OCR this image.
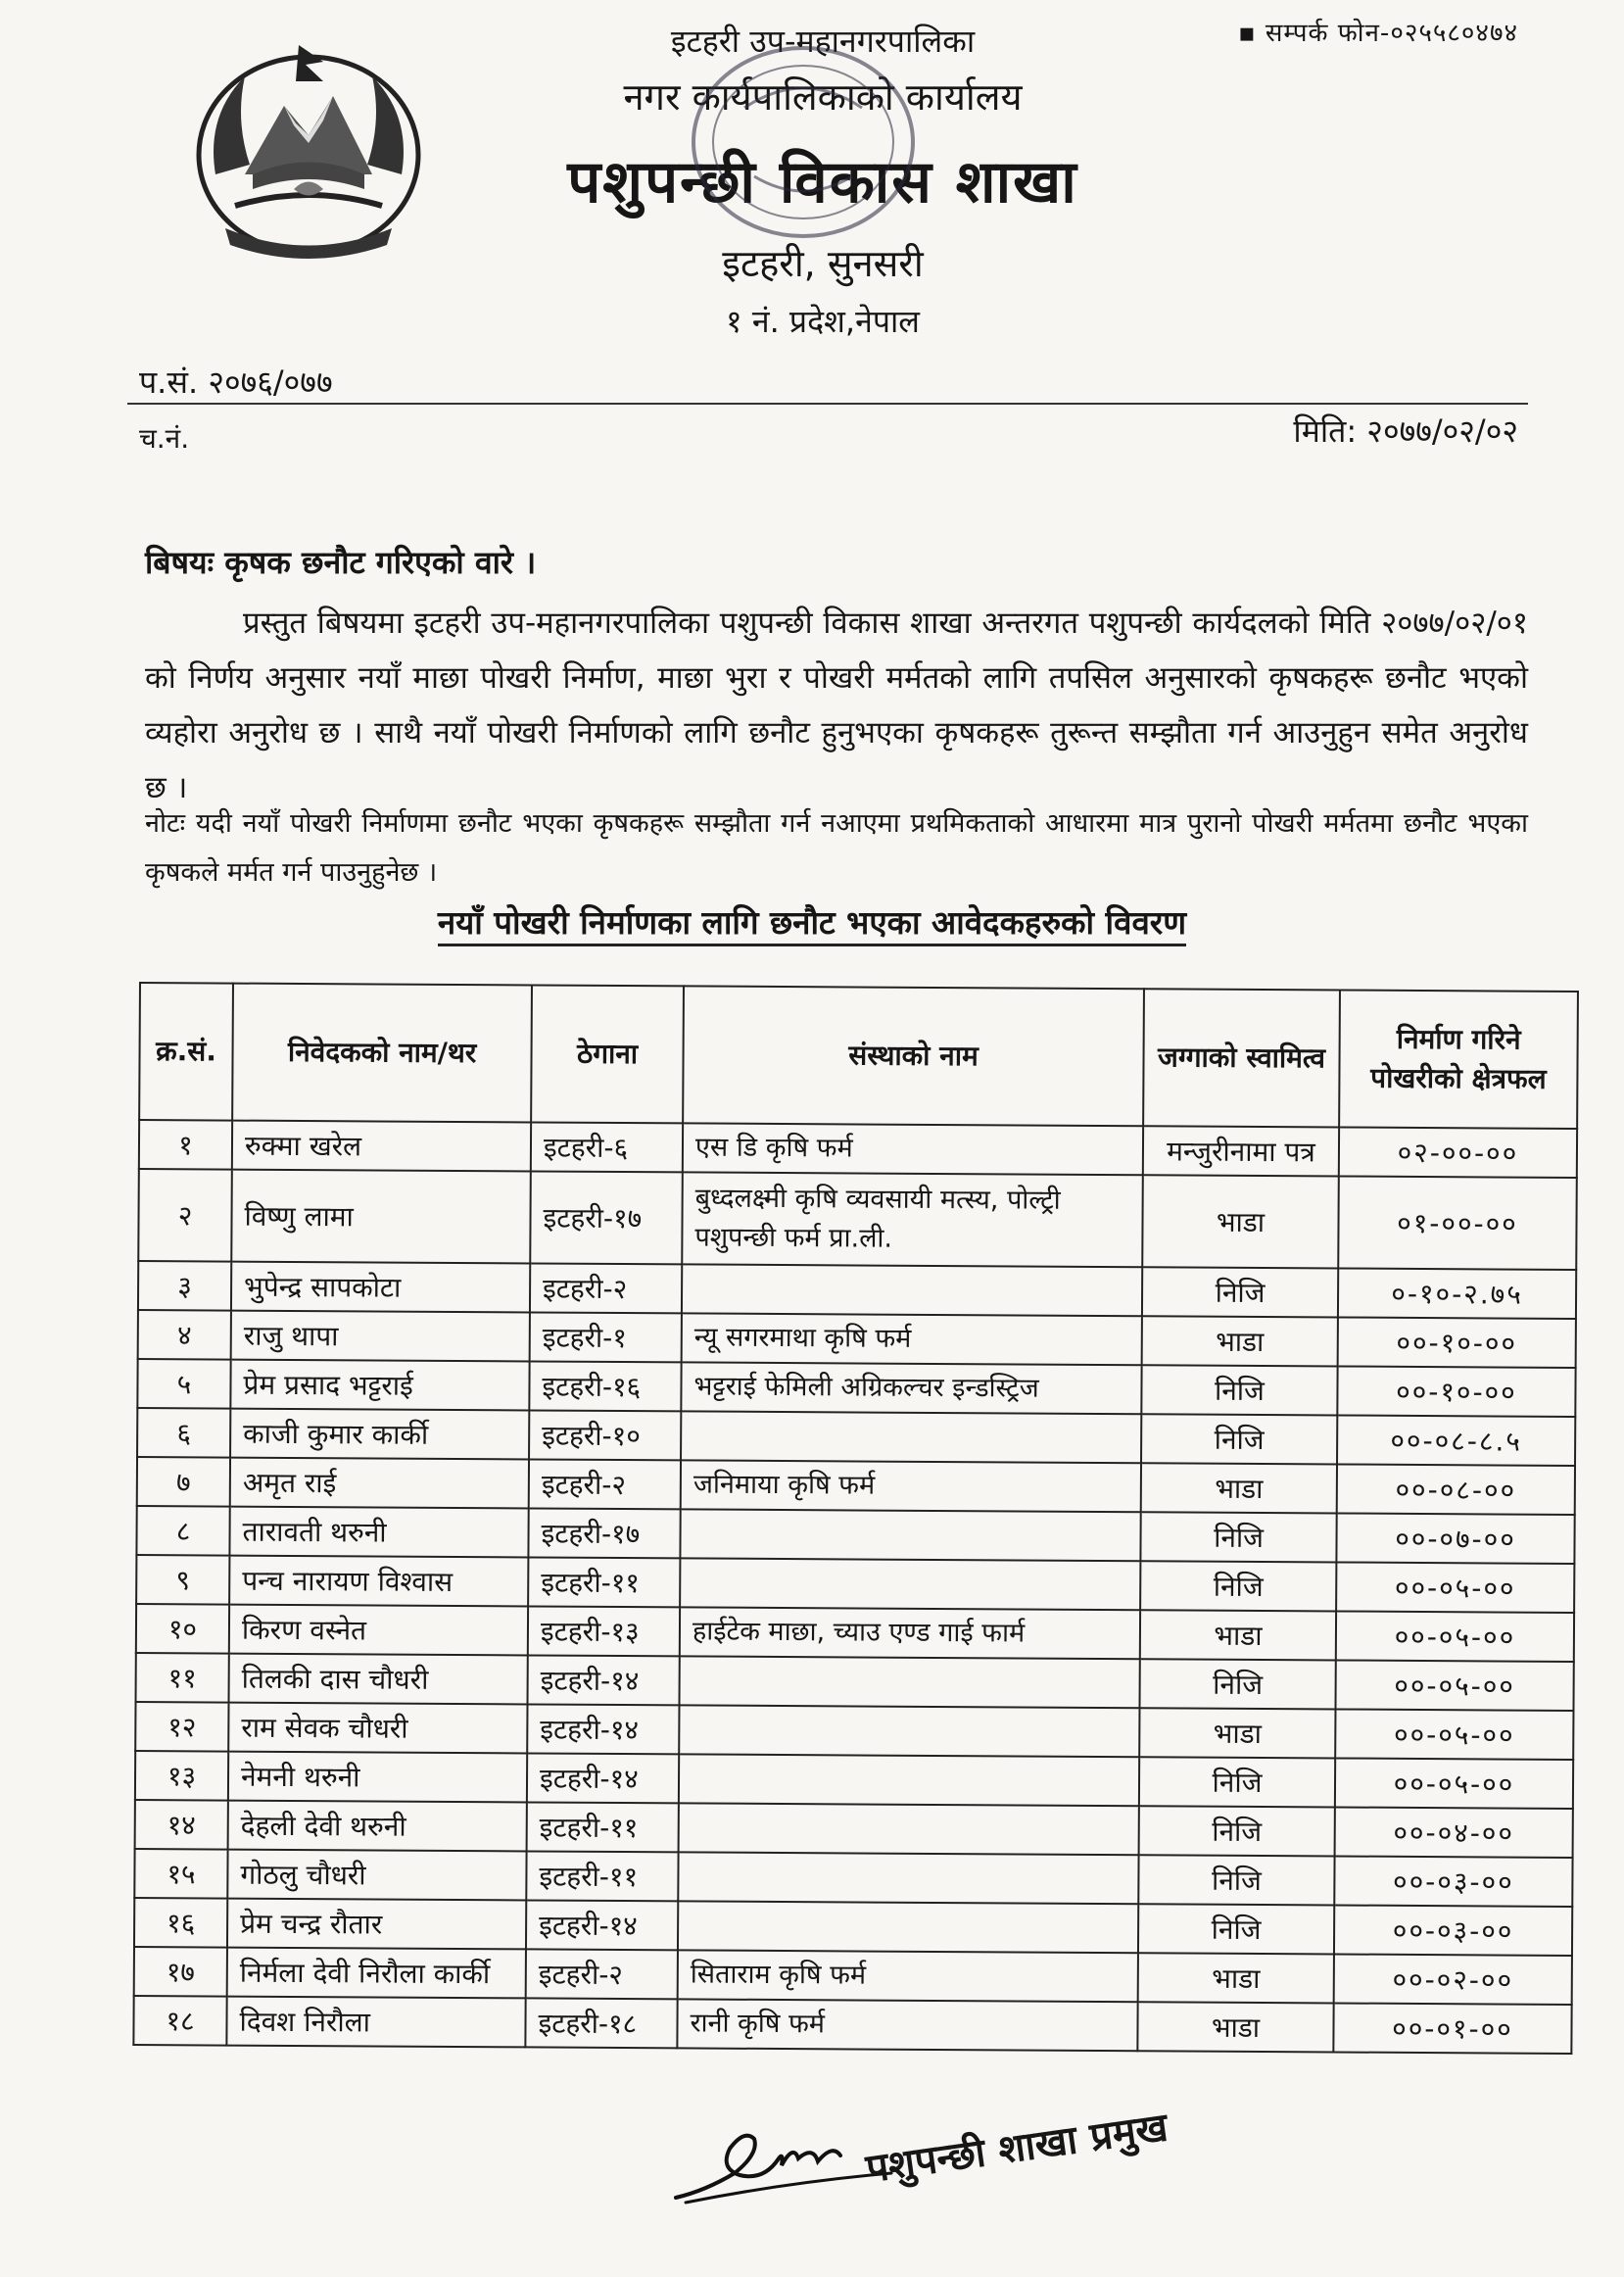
▪ सम्पर्क फोन-०२५५८०४७४
इटहरी उप-महानगरपालिका
नगर कार्यपालिकाको कार्यालय
पशुपन्छी विकास शाखा
इटहरी, सुनसरी
१ नं. प्रदेश,नेपाल
प.सं. २०७६/०७७
च.नं.	मिति: २०७७/०२/०२
बिषयः कृषक छनौट गरिएको वारे ।
प्रस्तुत बिषयमा इटहरी उप-महानगरपालिका पशुपन्छी विकास शाखा अन्तरगत पशुपन्छी कार्यदलको मिति २०७७/०२/०१ को निर्णय अनुसार नयाँ माछा पोखरी निर्माण, माछा भुरा र पोखरी मर्मतको लागि तपसिल अनुसारको कृषकहरू छनौट भएको व्यहोरा अनुरोध छ । साथै नयाँ पोखरी निर्माणको लागि छनौट हुनुभएका कृषकहरू तुरून्त सम्झौता गर्न आउनुहुन समेत अनुरोध छ ।
नोटः यदी नयाँ पोखरी निर्माणमा छनौट भएका कृषकहरू सम्झौता गर्न नआएमा प्रथमिकताको आधारमा मात्र पुरानो पोखरी मर्मतमा छनौट भएका कृषकले मर्मत गर्न पाउनुहुनेछ ।
नयाँ पोखरी निर्माणका लागि छनौट भएका आवेदकहरुको विवरण
क्र.सं.	निवेदकको नाम/थर	ठेगाना	संस्थाको नाम	जग्गाको स्वामित्व	निर्माण गरिने पोखरीको क्षेत्रफल
१	रुक्मा खरेल	इटहरी-६	एस डि कृषि फर्म	मन्जुरीनामा पत्र	०२-००-००
२	विष्णु लामा	इटहरी-१७	बुध्दलक्ष्मी कृषि व्यवसायी मत्स्य, पोल्ट्री पशुपन्छी फर्म प्रा.ली.	भाडा	०१-००-००
३	भुपेन्द्र सापकोटा	इटहरी-२		निजि	०-१०-२.७५
४	राजु थापा	इटहरी-१	न्यू सगरमाथा कृषि फर्म	भाडा	००-१०-००
५	प्रेम प्रसाद भट्टराई	इटहरी-१६	भट्टराई फेमिली अग्रिकल्चर इन्डस्ट्रिज	निजि	००-१०-००
६	काजी कुमार कार्की	इटहरी-१०		निजि	००-०८-८.५
७	अमृत राई	इटहरी-२	जनिमाया कृषि फर्म	भाडा	००-०८-००
८	तारावती थरुनी	इटहरी-१७		निजि	००-०७-००
९	पन्च नारायण विश्वास	इटहरी-११		निजि	००-०५-००
१०	किरण वस्नेत	इटहरी-१३	हाईटेक माछा, च्याउ एण्ड गाई फार्म	भाडा	००-०५-००
११	तिलकी दास चौधरी	इटहरी-१४		निजि	००-०५-००
१२	राम सेवक चौधरी	इटहरी-१४		भाडा	००-०५-००
१३	नेमनी थरुनी	इटहरी-१४		निजि	००-०५-००
१४	देहली देवी थरुनी	इटहरी-११		निजि	००-०४-००
१५	गोठलु चौधरी	इटहरी-११		निजि	००-०३-००
१६	प्रेम चन्द्र रौतार	इटहरी-१४		निजि	००-०३-००
१७	निर्मला देवी निरौला कार्की	इटहरी-२	सिताराम कृषि फर्म	भाडा	००-०२-००
१८	दिवश निरौला	इटहरी-१८	रानी कृषि फर्म	भाडा	००-०१-००
पशुपन्छी शाखा प्रमुख
